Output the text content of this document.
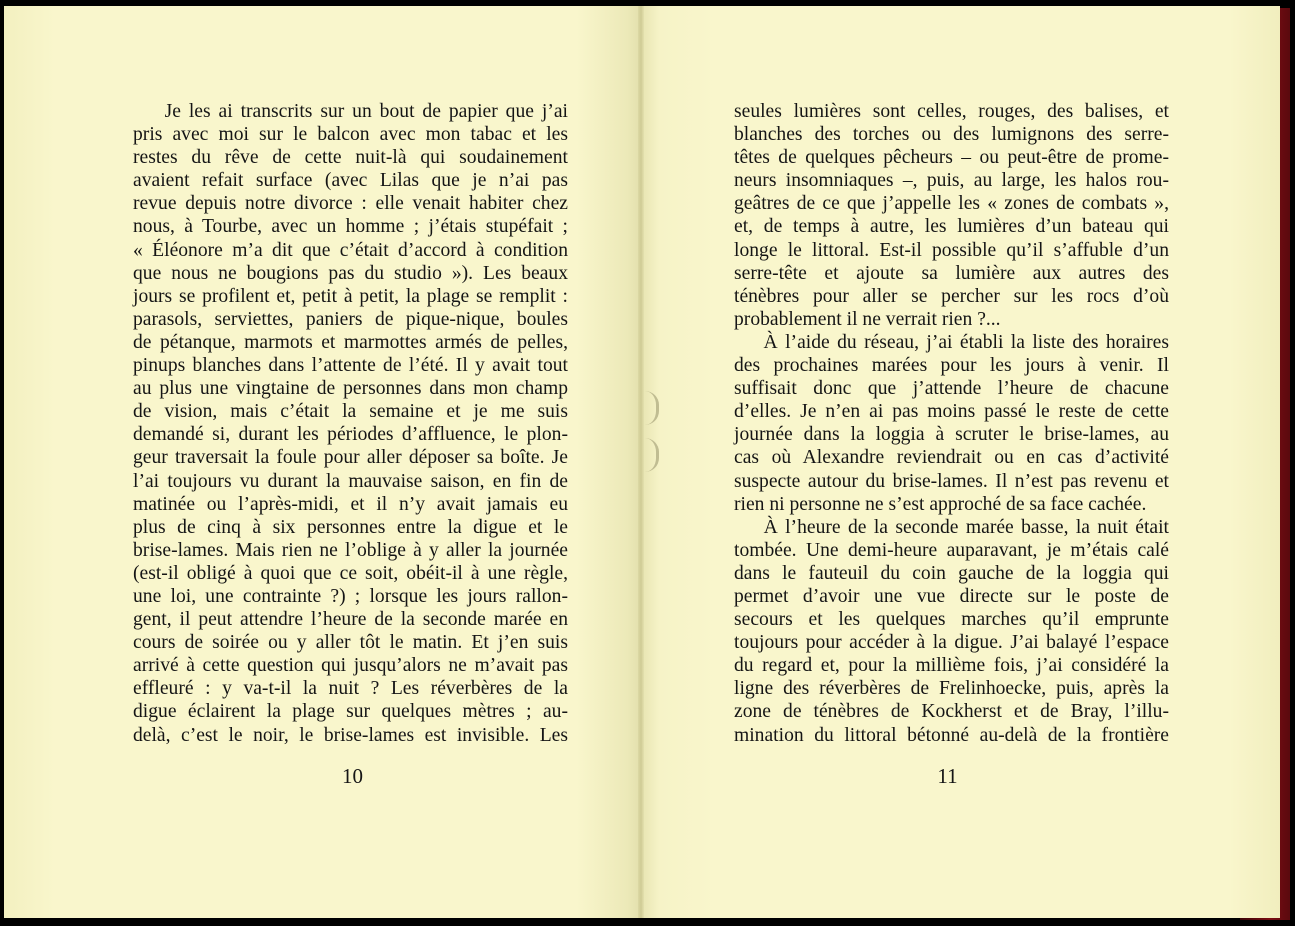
Je les ai transcrits sur un bout de papier que j’ai
pris avec moi sur le balcon avec mon tabac et les
restes du rêve de cette nuit-là qui soudainement
avaient refait surface (avec Lilas que je n’ai pas
revue depuis notre divorce : elle venait habiter chez
nous, à Tourbe, avec un homme ; j’étais stupéfait ;
« Éléonore m’a dit que c’était d’accord à condition
que nous ne bougions pas du studio »). Les beaux
jours se profilent et, petit à petit, la plage se remplit :
parasols, serviettes, paniers de pique-nique, boules
de pétanque, marmots et marmottes armés de pelles,
pinups blanches dans l’attente de l’été. Il y avait tout
au plus une vingtaine de personnes dans mon champ
de vision, mais c’était la semaine et je me suis
demandé si, durant les périodes d’affluence, le plon-
geur traversait la foule pour aller déposer sa boîte. Je
l’ai toujours vu durant la mauvaise saison, en fin de
matinée ou l’après-midi, et il n’y avait jamais eu
plus de cinq à six personnes entre la digue et le
brise-lames. Mais rien ne l’oblige à y aller la journée
(est-il obligé à quoi que ce soit, obéit-il à une règle,
une loi, une contrainte ?) ; lorsque les jours rallon-
gent, il peut attendre l’heure de la seconde marée en
cours de soirée ou y aller tôt le matin. Et j’en suis
arrivé à cette question qui jusqu’alors ne m’avait pas
effleuré : y va-t-il la nuit ? Les réverbères de la
digue éclairent la plage sur quelques mètres ; au-
delà, c’est le noir, le brise-lames est invisible. Les
10
seules lumières sont celles, rouges, des balises, et
blanches des torches ou des lumignons des serre-
têtes de quelques pêcheurs – ou peut-être de prome-
neurs insomniaques –, puis, au large, les halos rou-
geâtres de ce que j’appelle les « zones de combats »,
et, de temps à autre, les lumières d’un bateau qui
longe le littoral. Est-il possible qu’il s’affuble d’un
serre-tête et ajoute sa lumière aux autres des
ténèbres pour aller se percher sur les rocs d’où
probablement il ne verrait rien ?...
À l’aide du réseau, j’ai établi la liste des horaires
des prochaines marées pour les jours à venir. Il
suffisait donc que j’attende l’heure de chacune
d’elles. Je n’en ai pas moins passé le reste de cette
journée dans la loggia à scruter le brise-lames, au
cas où Alexandre reviendrait ou en cas d’activité
suspecte autour du brise-lames. Il n’est pas revenu et
rien ni personne ne s’est approché de sa face cachée.
À l’heure de la seconde marée basse, la nuit était
tombée. Une demi-heure auparavant, je m’étais calé
dans le fauteuil du coin gauche de la loggia qui
permet d’avoir une vue directe sur le poste de
secours et les quelques marches qu’il emprunte
toujours pour accéder à la digue. J’ai balayé l’espace
du regard et, pour la millième fois, j’ai considéré la
ligne des réverbères de Frelinhoecke, puis, après la
zone de ténèbres de Kockherst et de Bray, l’illu-
mination du littoral bétonné au-delà de la frontière
11
